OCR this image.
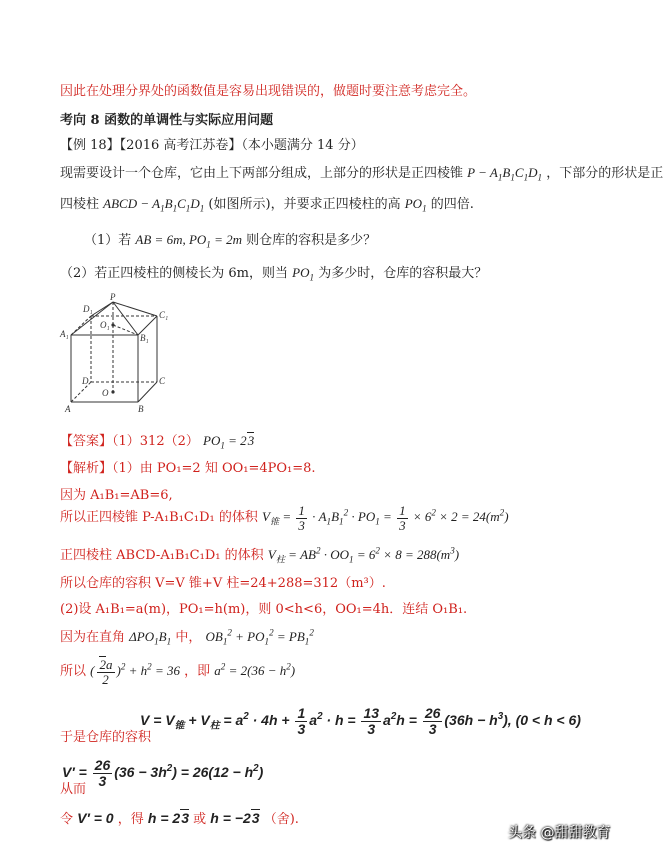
因此在处理分界处的函数值是容易出现错误的，做题时要注意考虑完全。
考向 8 函数的单调性与实际应用问题
【例 18】【2016 高考江苏卷】（本小题满分 14 分）
现需要设计一个仓库，它由上下两部分组成，上部分的形状是正四棱锥 $P - A_1B_1C_1D_1$ ，下部分的形状是正
四棱柱 ABCD − $A_1B_1C_1D_1$ (如图所示)，并要求正四棱柱的高 $PO_1$ 的四倍.
（1）若 AB = 6m, $PO_1 = 2m$ 则仓库的容积是多少？
（2）若正四棱柱的侧棱长为 6m，则当 $PO_1$ 为多少时，仓库的容积最大？
D₁
P
C₁
O₁
A₁	B₁
D	C
O
A	B
【答案】（1）312（2） $PO_1 = 23$
【解析】（1）由 PO₁=2 知 OO₁=4PO₁=8.
因为 A₁B₁=AB=6,
所以正四棱锥 P-A₁B₁C₁D₁ 的体积 $V_锥 = \frac{1}{3} \cdot A_1B_1^2 \cdot PO_1 = \frac{1}{3} \times 6^2 \times 2 = 24(m^2)$
正四棱柱 ABCD-A₁B₁C₁D₁ 的体积 $V_柱 = AB^2 \cdot OO_1 = 6^2 \times 8 = 288(m^3)$
所以仓库的容积 V=V 锥+V 柱=24+288=312（m³）.
(2)设 A₁B₁=a(m)，PO₁=h(m)，则 0<h<6，OO₁=4h．连结 O₁B₁.
因为在直角 $\Delta PO_1B_1$ 中， $OB_1^2 + PO_1^2 = PB_1^2$
所以 ( $\frac{2a}{2} )^2 + h^2 = 36$ ，即 $a^2 = 2(36 - h^2)$
$V = V_锥 + V_柱 = a^2 \cdot 4h + \frac{1}{3} a^2 \cdot h = \frac{13}{3} a^2h = \frac{26}{3} (36h - h^3)$, (0 < h < 6)
于是仓库的容积
$V' = \frac{26}{3} (36 - 3h^2) = 26(12 - h^2)$
从而
令 V′ = 0 ，得 h = 23 或 h = −23 （舍).
头条 @甜甜教育
